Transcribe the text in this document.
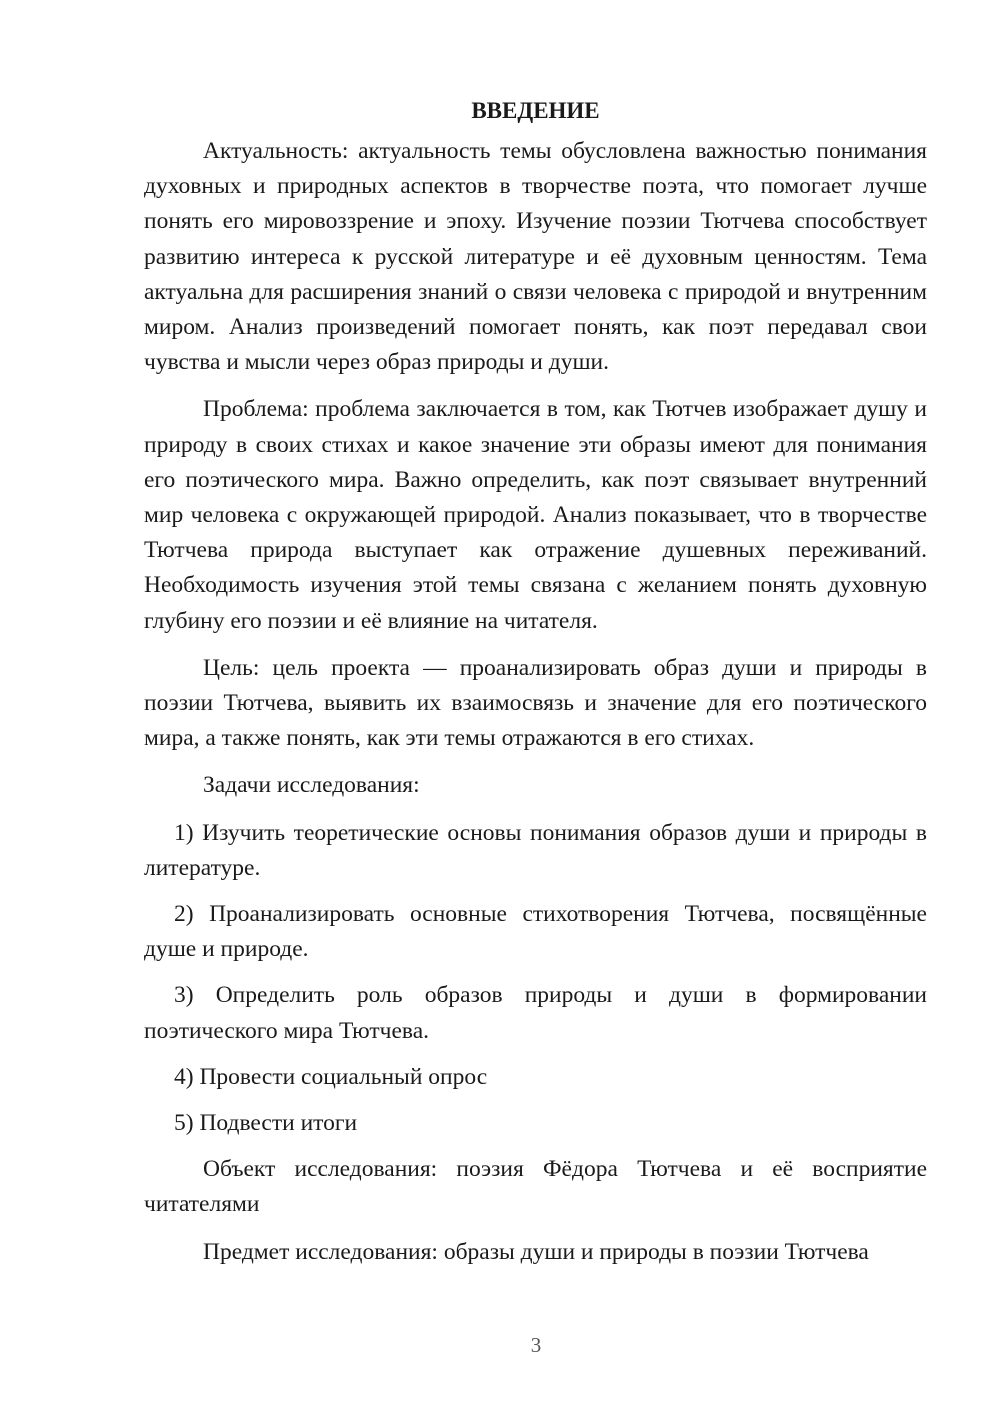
ВВЕДЕНИЕ

Актуальность: актуальность темы обусловлена важностью понимания духовных и природных аспектов в творчестве поэта, что помогает лучше понять его мировоззрение и эпоху. Изучение поэзии Тютчева способствует развитию интереса к русской литературе и её духовным ценностям. Тема актуальна для расширения знаний о связи человека с природой и внутренним миром. Анализ произведений помогает понять, как поэт передавал свои чувства и мысли через образ природы и души.

Проблема: проблема заключается в том, как Тютчев изображает душу и природу в своих стихах и какое значение эти образы имеют для понимания его поэтического мира. Важно определить, как поэт связывает внутренний мир человека с окружающей природой. Анализ показывает, что в творчестве Тютчева природа выступает как отражение душевных переживаний. Необходимость изучения этой темы связана с желанием понять духовную глубину его поэзии и её влияние на читателя.

Цель: цель проекта — проанализировать образ души и природы в поэзии Тютчева, выявить их взаимосвязь и значение для его поэтического мира, а также понять, как эти темы отражаются в его стихах.

Задачи исследования:

1) Изучить теоретические основы понимания образов души и природы в литературе.

2) Проанализировать основные стихотворения Тютчева, посвящённые душе и природе.

3) Определить роль образов природы и души в формировании поэтического мира Тютчева.

4) Провести социальный опрос

5) Подвести итоги

Объект исследования: поэзия Фёдора Тютчева и её восприятие читателями

Предмет исследования: образы души и природы в поэзии Тютчева

3
